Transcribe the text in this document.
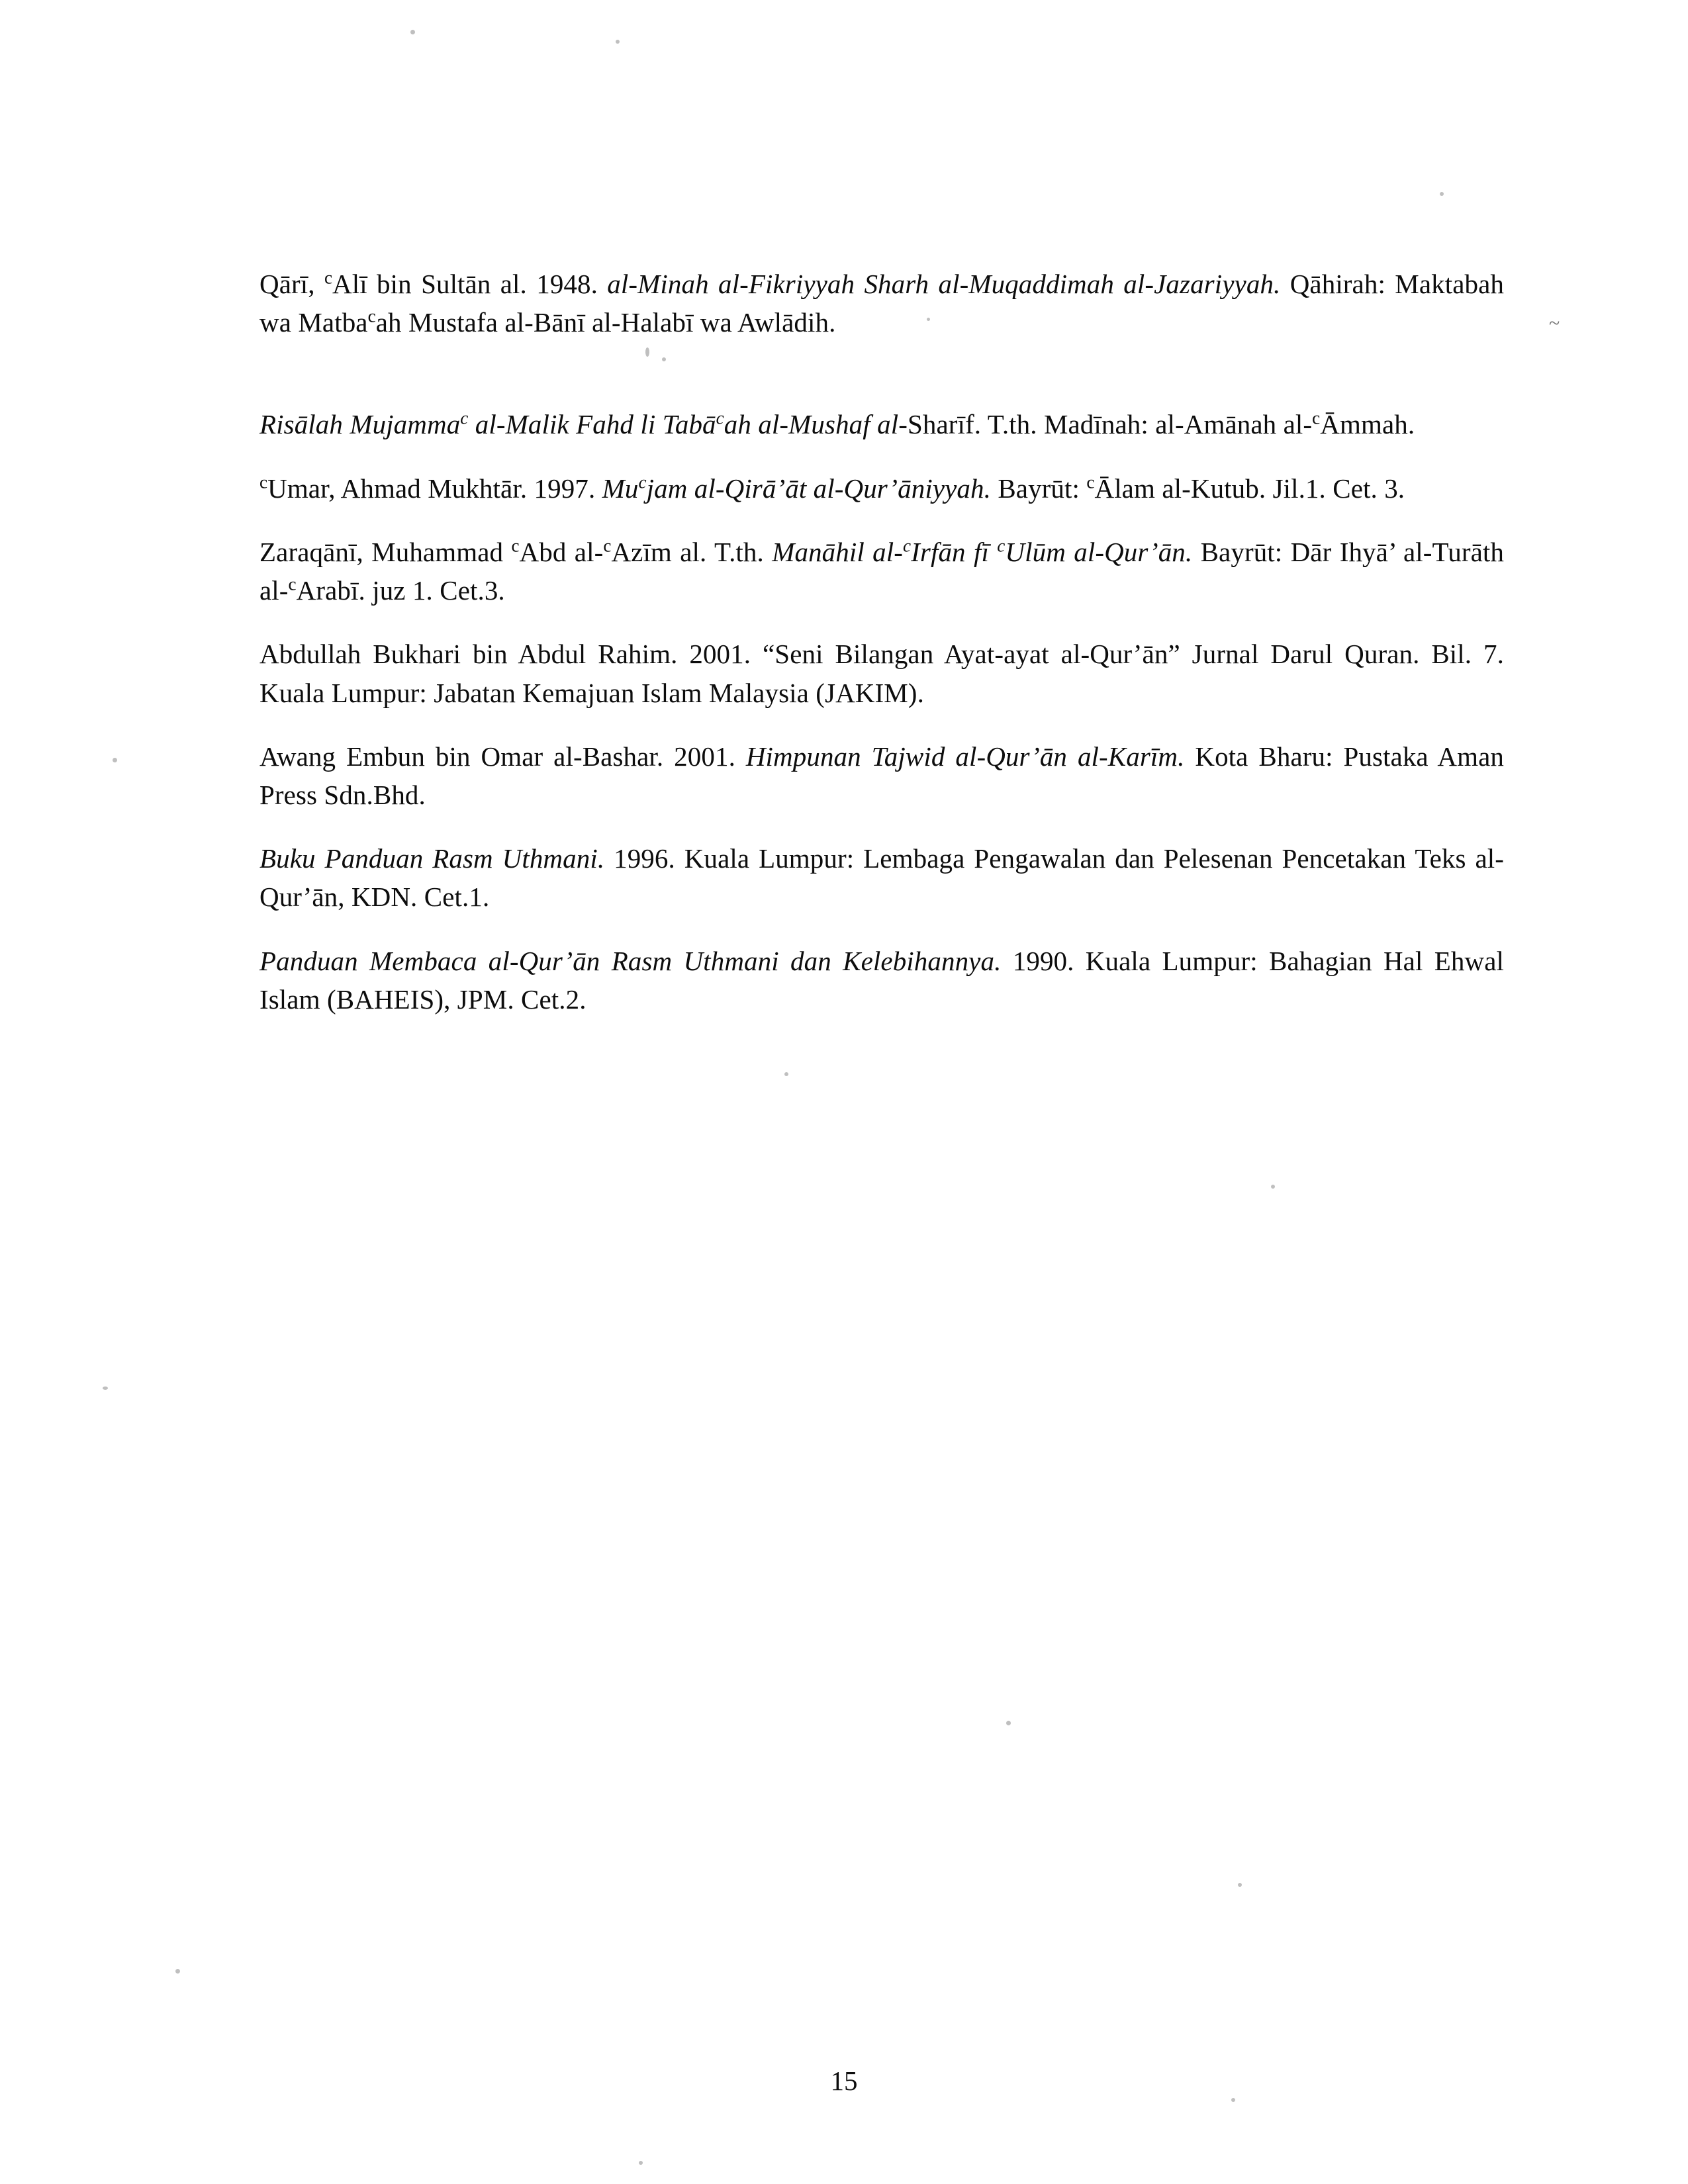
~

Qārī, $^c$Alī bin Sultān al. 1948. al-Minah al-Fikriyyah Sharh al-Muqaddimah al-Jazariyyah. Qāhirah: Maktabah wa Matba$^c$ah Mustafa al-Bānī al-Halabī wa Awlādih.

Risālah Mujamma$^c$ al-Malik Fahd li Tabā$^c$ah al-Mushaf al-Sharīf. T.th. Madīnah: al-Amānah al-$^c$Āmmah.

$^c$Umar, Ahmad Mukhtār. 1997. Mu$^c$jam al-Qirā’āt al-Qur’āniyyah. Bayrūt: $^c$Ālam al-Kutub. Jil.1. Cet. 3.

Zaraqānī, Muhammad $^c$Abd al-$^c$Azīm al. T.th. Manāhil al-$^c$Irfān fī $^c$Ulūm al-Qur’ān. Bayrūt: Dār Ihyā’ al-Turāth al-$^c$Arabī. juz 1. Cet.3.

Abdullah Bukhari bin Abdul Rahim. 2001. “Seni Bilangan Ayat-ayat al-Qur’ān” Jurnal Darul Quran. Bil. 7. Kuala Lumpur: Jabatan Kemajuan Islam Malaysia (JAKIM).

Awang Embun bin Omar al-Bashar. 2001. Himpunan Tajwid al-Qur’ān al-Karīm. Kota Bharu: Pustaka Aman Press Sdn.Bhd.

Buku Panduan Rasm Uthmani. 1996. Kuala Lumpur: Lembaga Pengawalan dan Pelesenan Pencetakan Teks al-Qur’ān, KDN. Cet.1.

Panduan Membaca al-Qur’ān Rasm Uthmani dan Kelebihannya. 1990. Kuala Lumpur: Bahagian Hal Ehwal Islam (BAHEIS), JPM. Cet.2.

15
